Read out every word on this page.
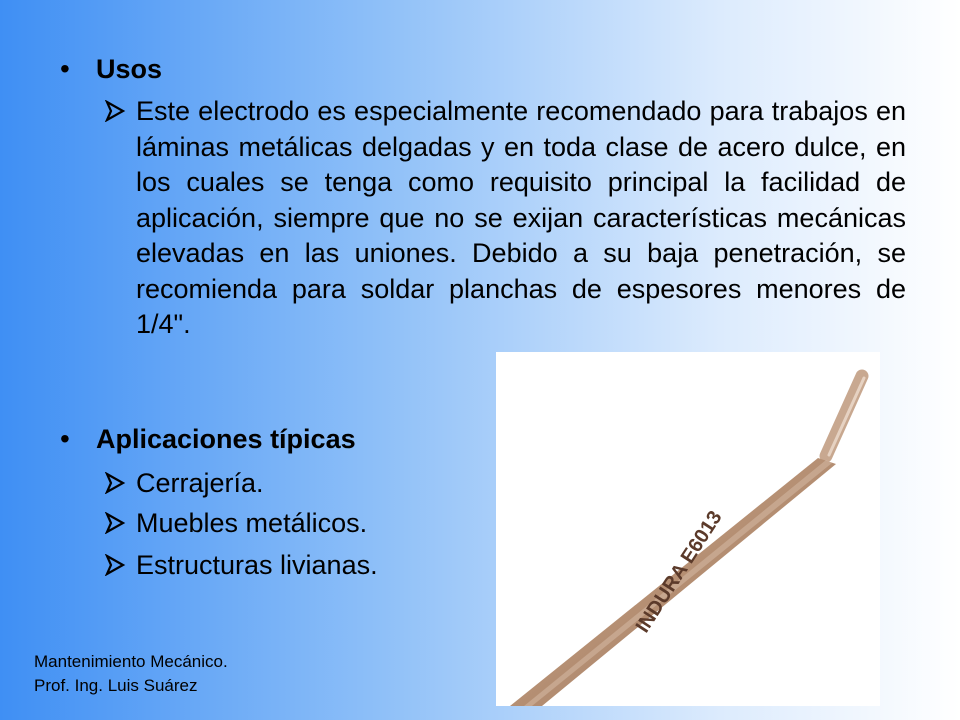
• Usos
Este electrodo es especialmente recomendado para trabajos en láminas metálicas delgadas y en toda clase de acero dulce, en los cuales se tenga como requisito principal la facilidad de aplicación, siempre que no se exijan características mecánicas elevadas en las uniones. Debido a su baja penetración, se recomienda para soldar planchas de espesores menores de 1/4".
• Aplicaciones típicas
Cerrajería.
Muebles metálicos.
Estructuras livianas.	INDURA E6013
Mantenimiento Mecánico.
Prof. Ing. Luis Suárez
